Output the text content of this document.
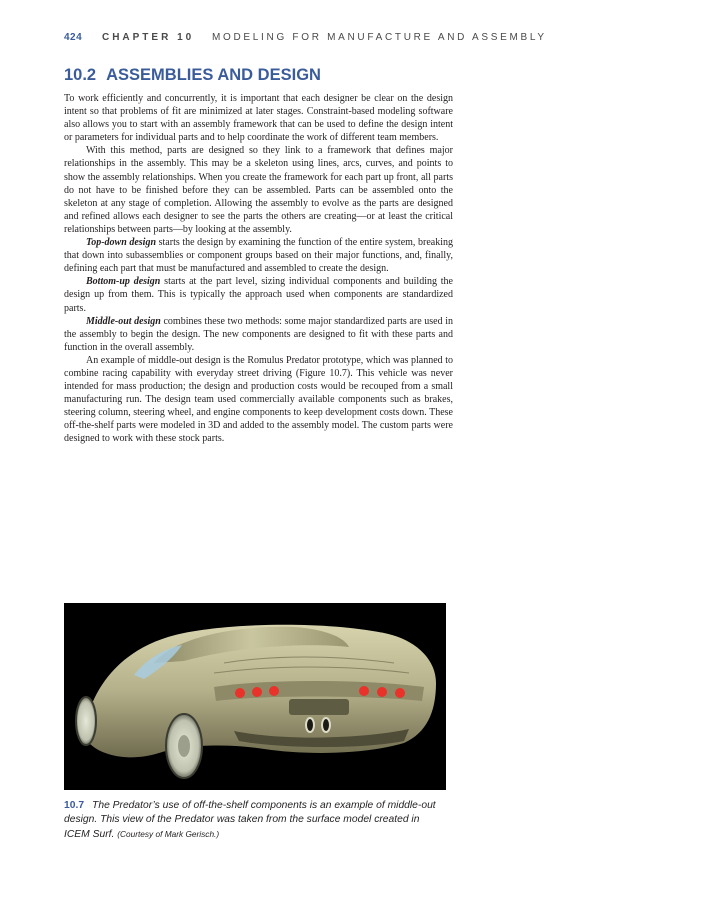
424 CHAPTER 10 MODELING FOR MANUFACTURE AND ASSEMBLY
10.2 ASSEMBLIES AND DESIGN

To work efficiently and concurrently, it is important that each designer be clear on the design intent so that problems of fit are minimized at later stages. Constraint-based modeling software also allows you to start with an assembly framework that can be used to define the design intent or parameters for individual parts and to help coordinate the work of different team members.

With this method, parts are designed so they link to a framework that defines major relationships in the assembly. This may be a skeleton using lines, arcs, curves, and points to show the assembly relationships. When you create the framework for each part up front, all parts do not have to be finished before they can be assembled. Parts can be assembled onto the skeleton at any stage of completion. Allowing the assembly to evolve as the parts are designed and refined allows each designer to see the parts the others are creating—or at least the critical relationships between parts—by looking at the assembly.

Top-down design starts the design by examining the function of the entire system, breaking that down into subassemblies or component groups based on their major functions, and, finally, defining each part that must be manufactured and assembled to create the design.

Bottom-up design starts at the part level, sizing individual components and building the design up from them. This is typically the approach used when components are standardized parts.

Middle-out design combines these two methods: some major standardized parts are used in the assembly to begin the design. The new components are designed to fit with these parts and function in the overall assembly.

An example of middle-out design is the Romulus Predator prototype, which was planned to combine racing capability with everyday street driving (Figure 10.7). This vehicle was never intended for mass production; the design and production costs would be recouped from a small manufacturing run. The design team used commercially available components such as brakes, steering column, steering wheel, and engine components to keep development costs down. These off-the-shelf parts were modeled in 3D and added to the assembly model. The custom parts were designed to work with these stock parts.

10.7 The Predator’s use of off-the-shelf components is an example of middle-out design. This view of the Predator was taken from the surface model created in ICEM Surf. (Courtesy of Mark Gerisch.)
